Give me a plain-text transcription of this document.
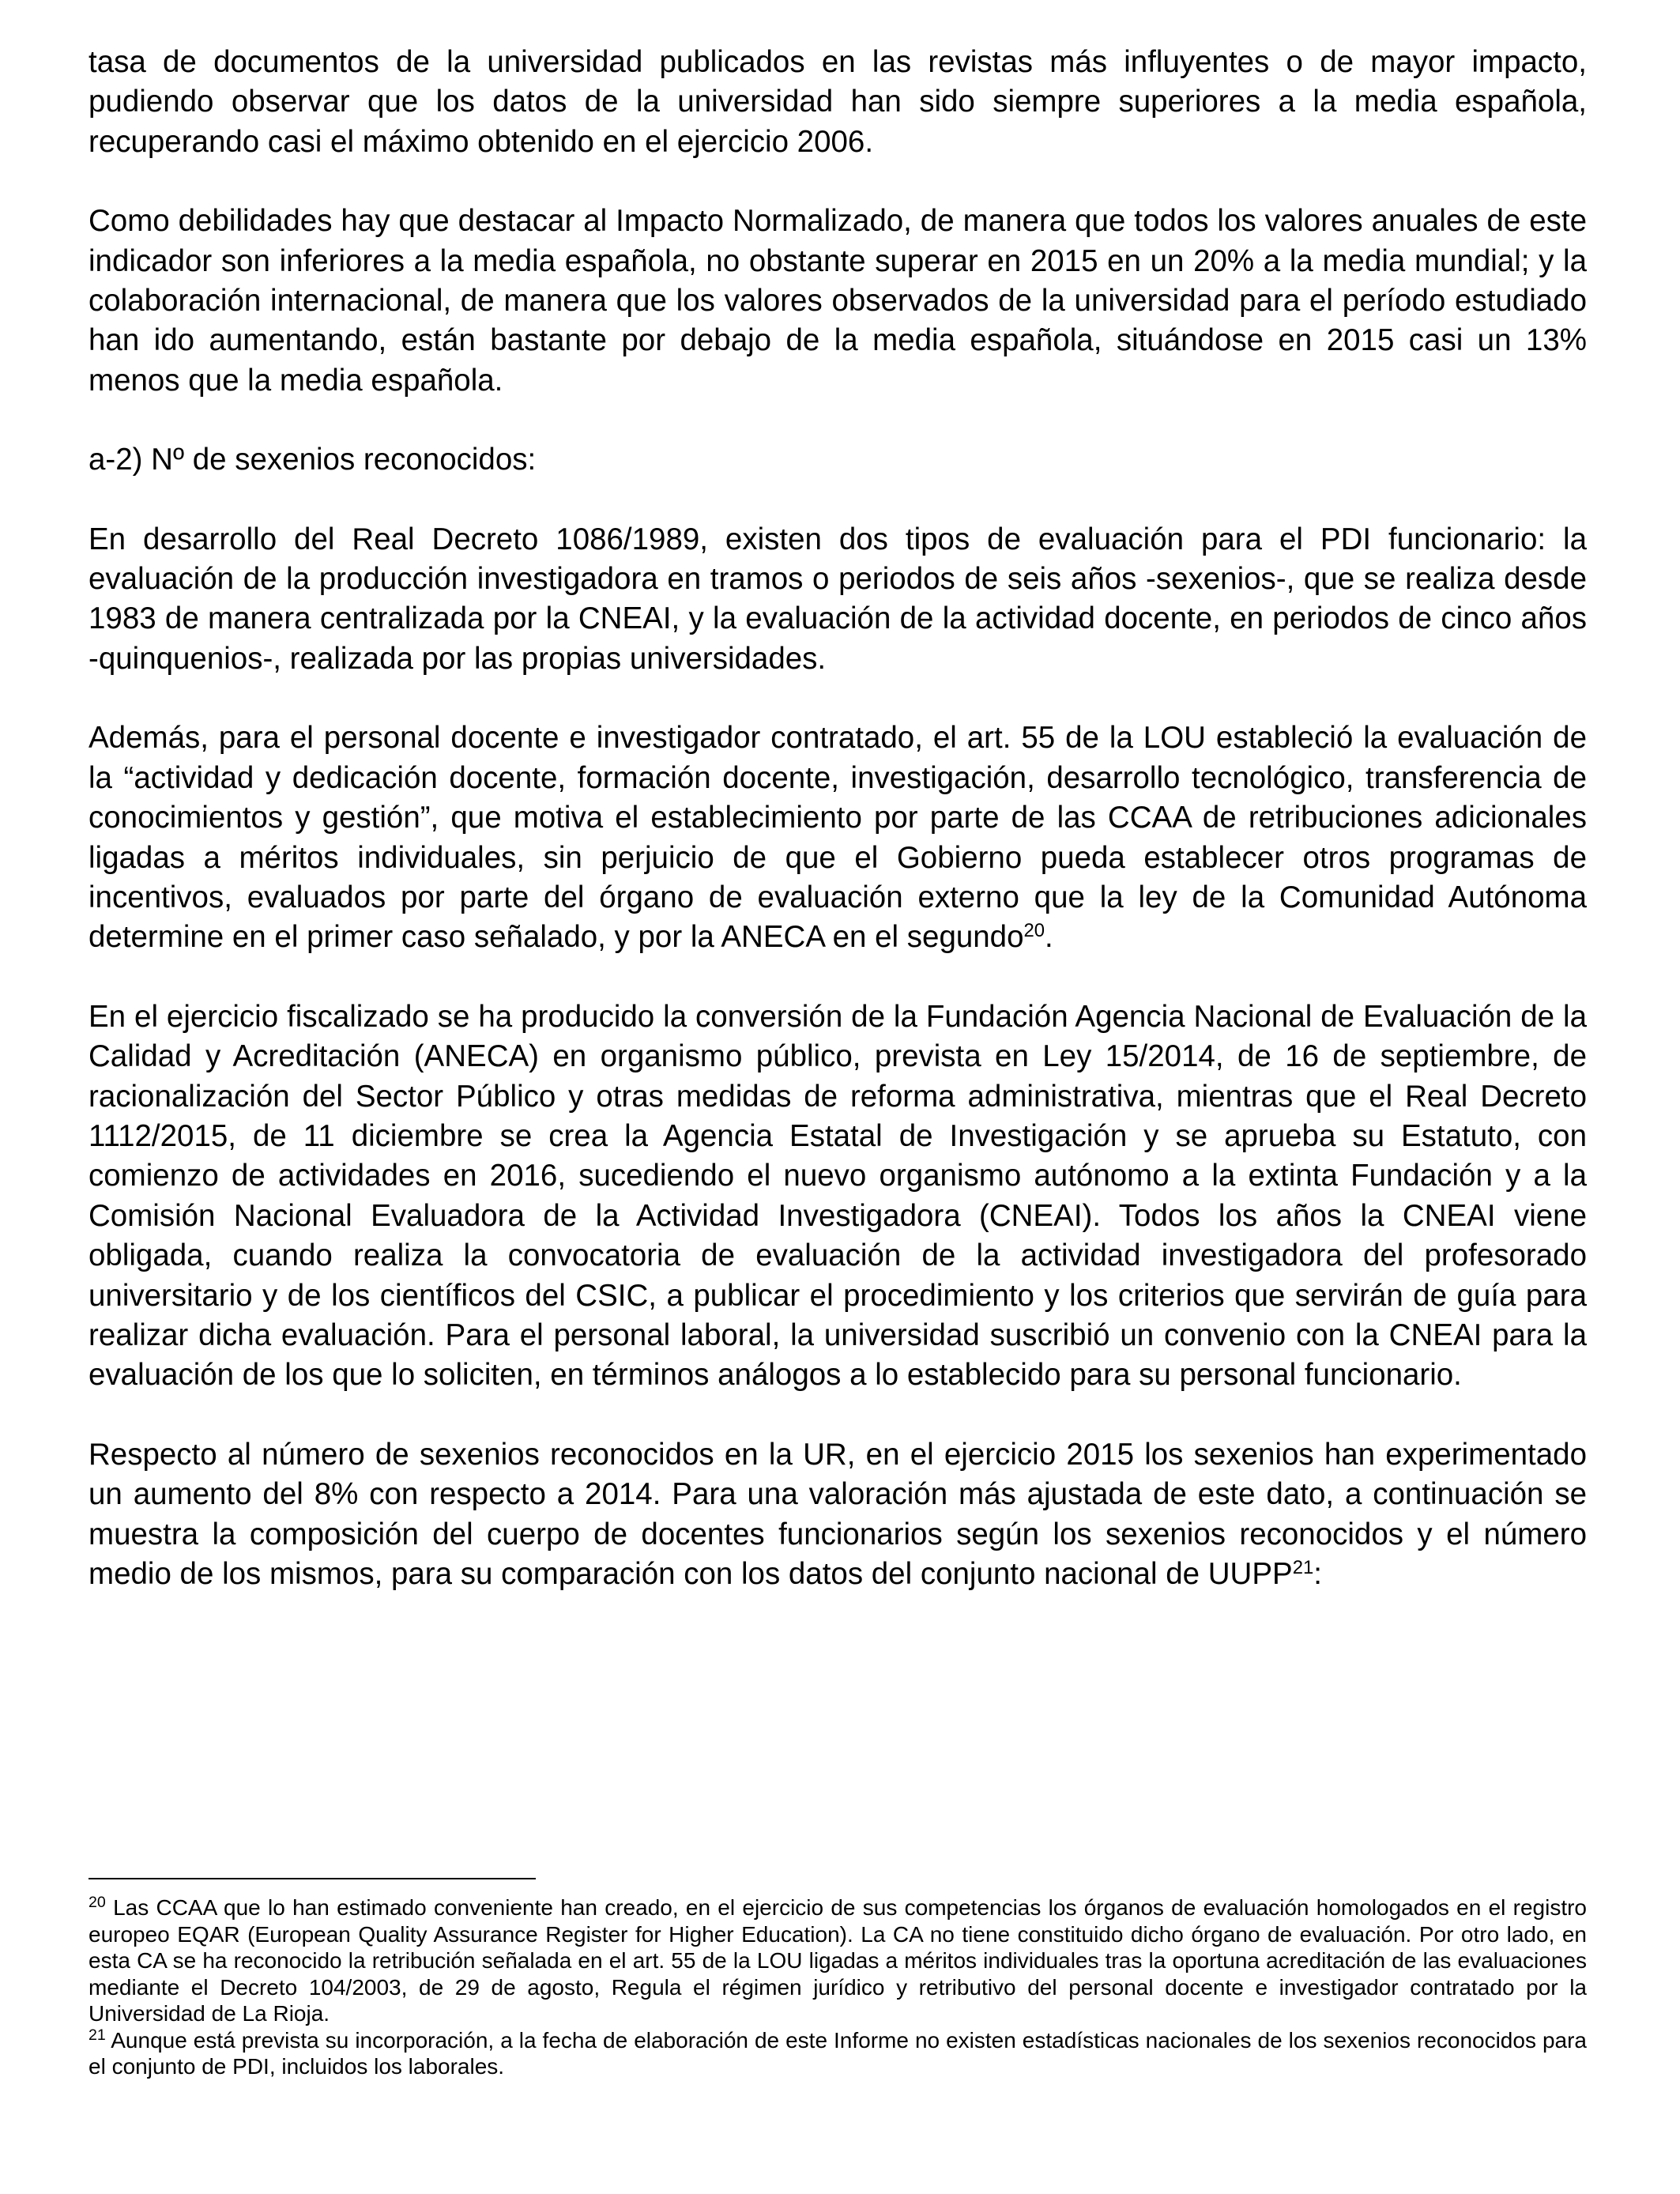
tasa de documentos de la universidad publicados en las revistas más influyentes o de mayor impacto, pudiendo observar que los datos de la universidad han sido siempre superiores a la media española, recuperando casi el máximo obtenido en el ejercicio 2006.

Como debilidades hay que destacar al Impacto Normalizado, de manera que todos los valores anuales de este indicador son inferiores a la media española, no obstante superar en 2015 en un 20% a la media mundial; y la colaboración internacional, de manera que los valores observados de la universidad para el período estudiado han ido aumentando, están bastante por debajo de la media española, situándose en 2015 casi un 13% menos que la media española.

a-2) Nº de sexenios reconocidos:

En desarrollo del Real Decreto 1086/1989, existen dos tipos de evaluación para el PDI funcionario: la evaluación de la producción investigadora en tramos o periodos de seis años -sexenios-, que se realiza desde 1983 de manera centralizada por la CNEAI, y la evaluación de la actividad docente, en periodos de cinco años -quinquenios-, realizada por las propias universidades.

Además, para el personal docente e investigador contratado, el art. 55 de la LOU estableció la evaluación de la “actividad y dedicación docente, formación docente, investigación, desarrollo tecnológico, transferencia de conocimientos y gestión”, que motiva el establecimiento por parte de las CCAA de retribuciones adicionales ligadas a méritos individuales, sin perjuicio de que el Gobierno pueda establecer otros programas de incentivos, evaluados por parte del órgano de evaluación externo que la ley de la Comunidad Autónoma determine en el primer caso señalado, y por la ANECA en el segundo$^{20}$.

En el ejercicio fiscalizado se ha producido la conversión de la Fundación Agencia Nacional de Evaluación de la Calidad y Acreditación (ANECA) en organismo público, prevista en Ley 15/2014, de 16 de septiembre, de racionalización del Sector Público y otras medidas de reforma administrativa, mientras que el Real Decreto 1112/2015, de 11 diciembre se crea la Agencia Estatal de Investigación y se aprueba su Estatuto, con comienzo de actividades en 2016, sucediendo el nuevo organismo autónomo a la extinta Fundación y a la Comisión Nacional Evaluadora de la Actividad Investigadora (CNEAI). Todos los años la CNEAI viene obligada, cuando realiza la convocatoria de evaluación de la actividad investigadora del profesorado universitario y de los científicos del CSIC, a publicar el procedimiento y los criterios que servirán de guía para realizar dicha evaluación. Para el personal laboral, la universidad suscribió un convenio con la CNEAI para la evaluación de los que lo soliciten, en términos análogos a lo establecido para su personal funcionario.

Respecto al número de sexenios reconocidos en la UR, en el ejercicio 2015 los sexenios han experimentado un aumento del 8% con respecto a 2014. Para una valoración más ajustada de este dato, a continuación se muestra la composición del cuerpo de docentes funcionarios según los sexenios reconocidos y el número medio de los mismos, para su comparación con los datos del conjunto nacional de UUPP$^{21}$:

$^{20}$ Las CCAA que lo han estimado conveniente han creado, en el ejercicio de sus competencias los órganos de evaluación homologados en el registro europeo EQAR (European Quality Assurance Register for Higher Education). La CA no tiene constituido dicho órgano de evaluación. Por otro lado, en esta CA se ha reconocido la retribución señalada en el art. 55 de la LOU ligadas a méritos individuales tras la oportuna acreditación de las evaluaciones mediante el Decreto 104/2003, de 29 de agosto, Regula el régimen jurídico y retributivo del personal docente e investigador contratado por la Universidad de La Rioja.

$^{21}$ Aunque está prevista su incorporación, a la fecha de elaboración de este Informe no existen estadísticas nacionales de los sexenios reconocidos para el conjunto de PDI, incluidos los laborales.
